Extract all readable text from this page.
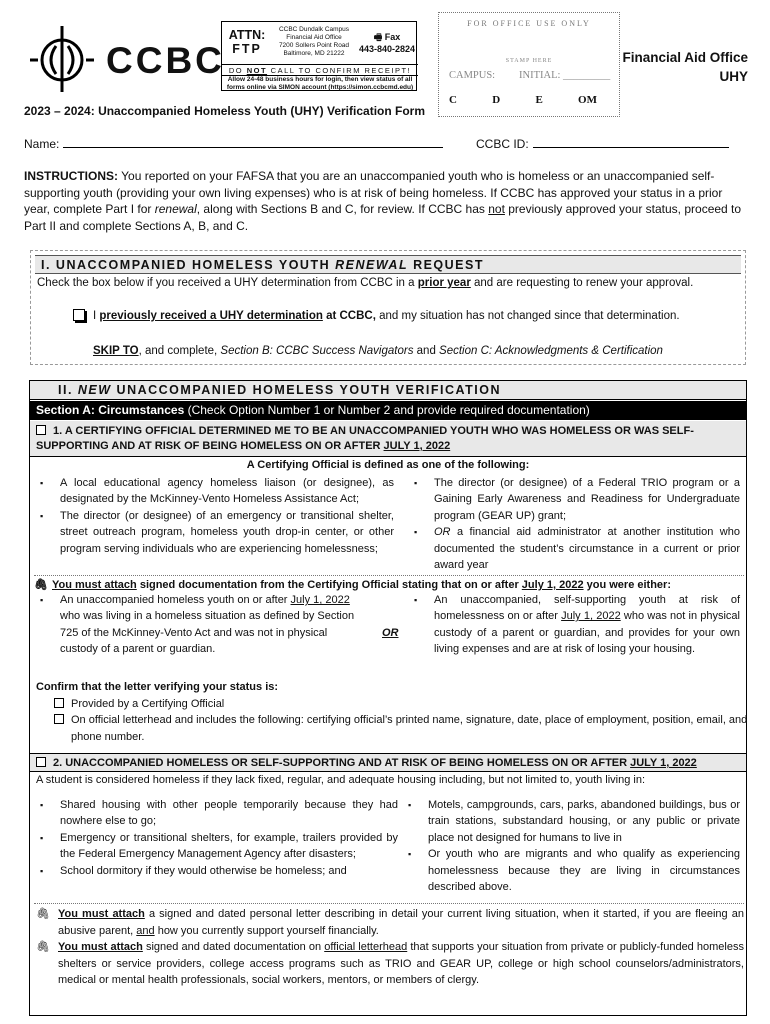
CCBC
ATTN:
FTP
CCBC Dundalk Campus
Financial Aid Office
7200 Sollers Point Road
Baltimore, MD 21222
🖷 Fax
443-840-2824
DO NOT CALL TO CONFIRM RECEIPT!
Allow 24-48 business hours for login, then view status of all forms online via SIMON account (https://simon.ccbcmd.edu)
FOR OFFICE USE ONLY
STAMP HERE
CAMPUS: INITIAL: _________
C	D	E	OM
Financial Aid Office
UHY
2023 – 2024: Unaccompanied Homeless Youth (UHY) Verification Form
Name:	CCBC ID:
INSTRUCTIONS: You reported on your FAFSA that you are an unaccompanied youth who is homeless or an unaccompanied self-supporting youth (providing your own living expenses) who is at risk of being homeless. If CCBC has approved your status in a prior year, complete Part I for renewal, along with Sections B and C, for review. If CCBC has not previously approved your status, proceed to Part II and complete Sections A, B, and C.
I. UNACCOMPANIED HOMELESS YOUTH RENEWAL REQUEST
Check the box below if you received a UHY determination from CCBC in a prior year and are requesting to renew your approval.
I previously received a UHY determination at CCBC, and my situation has not changed since that determination.
SKIP TO, and complete, Section B: CCBC Success Navigators and Section C: Acknowledgments & Certification
II. NEW UNACCOMPANIED HOMELESS YOUTH VERIFICATION
Section A: Circumstances (Check Option Number 1 or Number 2 and provide required documentation)
1. A CERTIFYING OFFICIAL DETERMINED ME TO BE AN UNACCOMPANIED YOUTH WHO WAS HOMELESS OR WAS SELF-SUPPORTING AND AT RISK OF BEING HOMELESS ON OR AFTER JULY 1, 2022
A Certifying Official is defined as one of the following:
▪ A local educational agency homeless liaison (or designee), as designated by the McKinney-Vento Homeless Assistance Act;
▪ The director (or designee) of an emergency or transitional shelter, street outreach program, homeless youth drop-in center, or other program serving individuals who are experiencing homelessness;
▪ The director (or designee) of a Federal TRIO program or a Gaining Early Awareness and Readiness for Undergraduate program (GEAR UP) grant;
▪ OR a financial aid administrator at another institution who documented the student’s circumstance in a current or prior award year
🖇 You must attach signed documentation from the Certifying Official stating that on or after July 1, 2022 you were either:
▪ An unaccompanied homeless youth on or after July 1, 2022 who was living in a homeless situation as defined by Section 725 of the McKinney-Vento Act and was not in physical custody of a parent or guardian.
OR
▪ An unaccompanied, self-supporting youth at risk of homelessness on or after July 1, 2022 who was not in physical custody of a parent or guardian, and provides for your own living expenses and are at risk of losing your housing.
Confirm that the letter verifying your status is:
Provided by a Certifying Official
On official letterhead and includes the following: certifying official’s printed name, signature, date, place of employment, position, email, and phone number.
2. UNACCOMPANIED HOMELESS OR SELF-SUPPORTING AND AT RISK OF BEING HOMELESS ON OR AFTER JULY 1, 2022
A student is considered homeless if they lack fixed, regular, and adequate housing including, but not limited to, youth living in:
▪ Shared housing with other people temporarily because they had nowhere else to go;
▪ Emergency or transitional shelters, for example, trailers provided by the Federal Emergency Management Agency after disasters;
▪ School dormitory if they would otherwise be homeless; and
▪ Motels, campgrounds, cars, parks, abandoned buildings, bus or train stations, substandard housing, or any public or private place not designed for humans to live in
▪ Or youth who are migrants and who qualify as experiencing homelessness because they are living in circumstances described above.
🖇 You must attach a signed and dated personal letter describing in detail your current living situation, when it started, if you are fleeing an abusive parent, and how you currently support yourself financially.
🖇 You must attach signed and dated documentation on official letterhead that supports your situation from private or publicly-funded homeless shelters or service providers, college access programs such as TRIO and GEAR UP, college or high school counselors/administrators, medical or mental health professionals, social workers, mentors, or members of clergy.
